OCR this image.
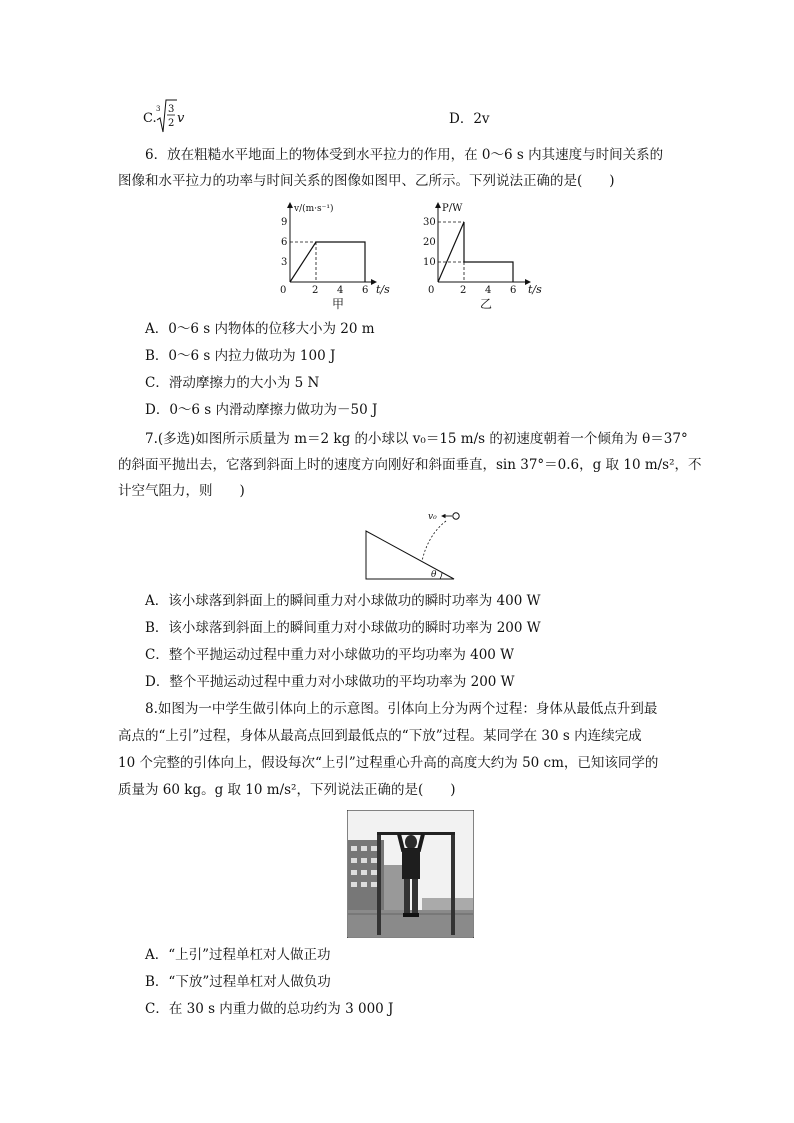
C.
3 3
2 v	D．2v
6．放在粗糙水平地面上的物体受到水平拉力的作用，在 0～6 s 内其速度与时间关系的
图像和水平拉力的功率与时间关系的图像如图甲、乙所示。下列说法正确的是(　　)
v/(m·s⁻¹)
t/s
9
6
3
0	2 4 6
甲
P/W
t/s
30
20
10
0	2 4 6
乙
A．0～6 s 内物体的位移大小为 20 m
B．0～6 s 内拉力做功为 100 J
C．滑动摩擦力的大小为 5 N
D．0～6 s 内滑动摩擦力做功为－50 J
7.(多选)如图所示质量为 m＝2 kg 的小球以 v₀＝15 m/s 的初速度朝着一个倾角为 θ＝37°
的斜面平抛出去，它落到斜面上时的速度方向刚好和斜面垂直，sin 37°＝0.6，g 取 10 m/s²，不
计空气阻力，则　　)
v₀
θ
A．该小球落到斜面上的瞬间重力对小球做功的瞬时功率为 400 W
B．该小球落到斜面上的瞬间重力对小球做功的瞬时功率为 200 W
C．整个平抛运动过程中重力对小球做功的平均功率为 400 W
D．整个平抛运动过程中重力对小球做功的平均功率为 200 W
8.如图为一中学生做引体向上的示意图。引体向上分为两个过程：身体从最低点升到最
高点的“上引”过程，身体从最高点回到最低点的“下放”过程。某同学在 30 s 内连续完成
10 个完整的引体向上，假设每次“上引”过程重心升高的高度大约为 50 cm，已知该同学的
质量为 60 kg。g 取 10 m/s²，下列说法正确的是(　　)
A．“上引”过程单杠对人做正功
B．“下放”过程单杠对人做负功
C．在 30 s 内重力做的总功约为 3 000 J
